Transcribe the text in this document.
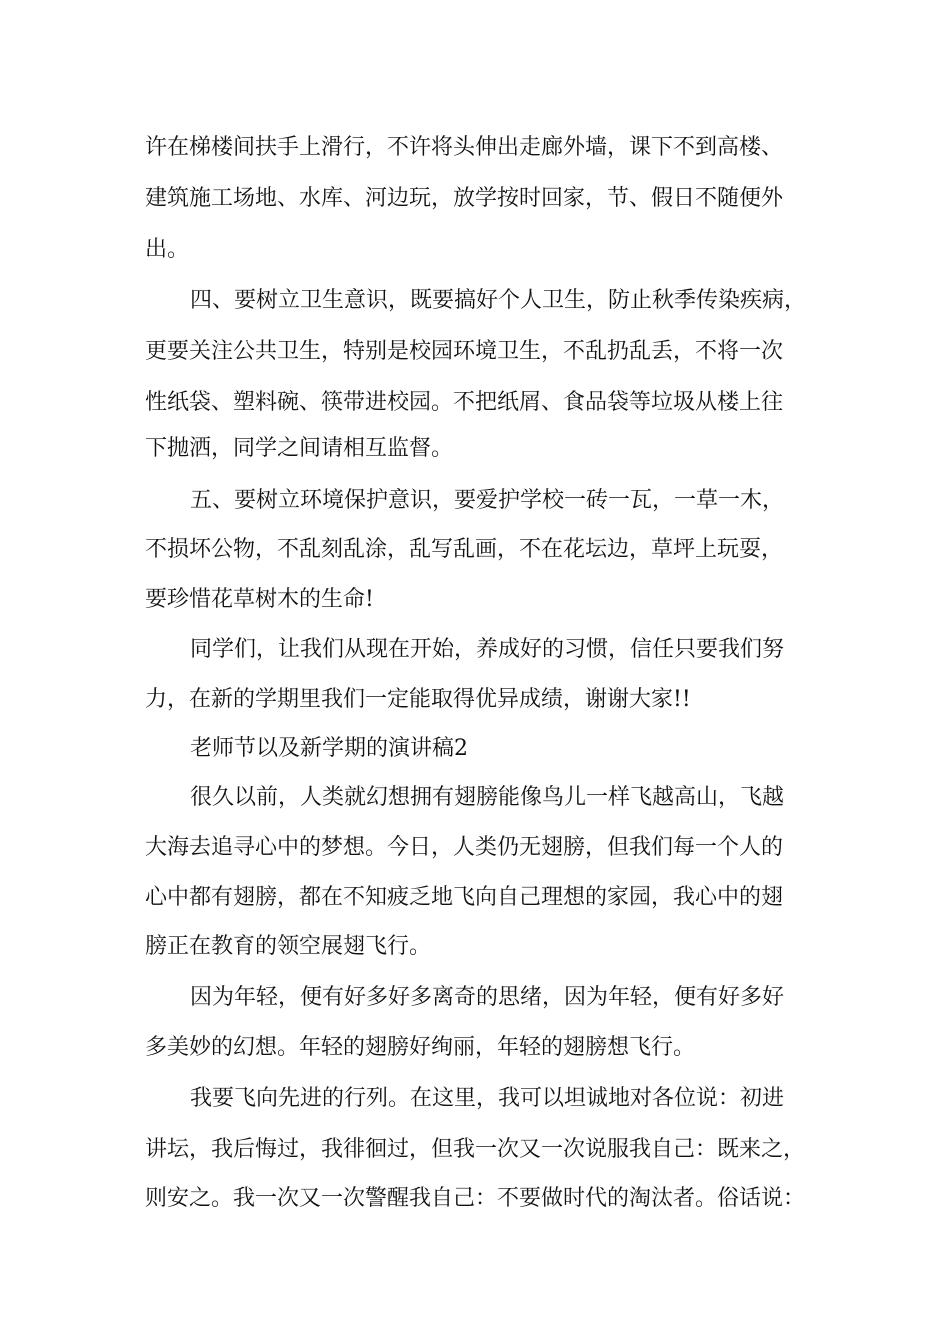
许在梯楼间扶手上滑行，不许将头伸出走廊外墙，课下不到高楼、
建筑施工场地、水库、河边玩，放学按时回家，节、假日不随便外
出。
四、要树立卫生意识，既要搞好个人卫生，防止秋季传染疾病，
更要关注公共卫生，特别是校园环境卫生，不乱扔乱丢，不将一次
性纸袋、塑料碗、筷带进校园。不把纸屑、食品袋等垃圾从楼上往
下抛洒，同学之间请相互监督。
五、要树立环境保护意识，要爱护学校一砖一瓦，一草一木，
不损坏公物，不乱刻乱涂，乱写乱画，不在花坛边，草坪上玩耍，
要珍惜花草树木的生命!
同学们，让我们从现在开始，养成好的习惯，信任只要我们努
力，在新的学期里我们一定能取得优异成绩，谢谢大家!!
老师节以及新学期的演讲稿2
很久以前，人类就幻想拥有翅膀能像鸟儿一样飞越高山，飞越
大海去追寻心中的梦想。今日，人类仍无翅膀，但我们每一个人的
心中都有翅膀，都在不知疲乏地飞向自己理想的家园，我心中的翅
膀正在教育的领空展翅飞行。
因为年轻，便有好多好多离奇的思绪，因为年轻，便有好多好
多美妙的幻想。年轻的翅膀好绚丽，年轻的翅膀想飞行。
我要飞向先进的行列。在这里，我可以坦诚地对各位说：初进
讲坛，我后悔过，我徘徊过，但我一次又一次说服我自己：既来之，
则安之。我一次又一次警醒我自己：不要做时代的淘汰者。俗话说：
